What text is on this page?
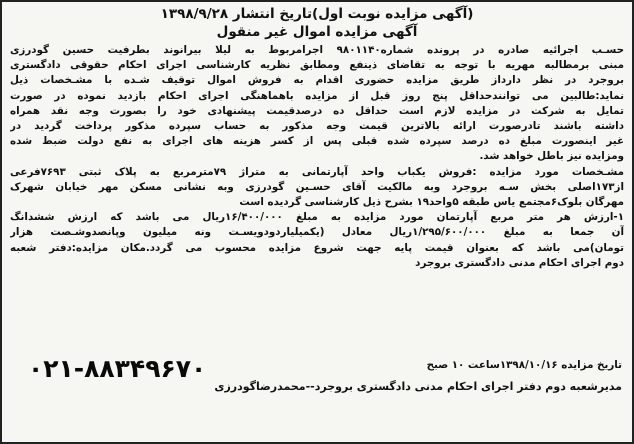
(آگهی مزایده نوبت اول)تاریخ انتشار ۱۳۹۸/۹/۲۸
آگهی مزایده اموال غیر منقول
حسـب اجرائیه صادره در پرونده شماره۹۸۰۱۱۴۰ اجرامربوط به لیلا بیرانوند بطرفیت حسین گودرزی
مبنی برمطالبه مهریه با توجه به تقاضای ذینفع ومطابق نظریه کارشناسی اجرای احکام حقوقی دادگستری
بروجرد در نظر دارداز طریق مزایده حضوری اقدام به فروش اموال توقیف شـده با مشـخصات ذیل
نماید:طالبین می توانندحداقل پنج روز قبل از مزایده باهماهنگی اجرای احکام بازدید نموده در صورت
تمایل به شرکت در مزایده لازم است حداقل ده درصدقیمت پیشنهادی خود را بصورت وجه نقد همراه
داشته باشند تادرصورت ارائه بالاترین قیمت وجه مذکور به حساب سپرده مذکور پرداخت گردید در
غیر اینصورت مبلغ ده درصد سپرده شده قبلی پس از کسر هزینه های اجرای به نفع دولت ضبط شده
ومزایده نیز باطل خواهد شد.
مشـخصات مورد مزایده :فروش یکباب واحد آپارتمانی به متراژ ۷۹مترمربع به پلاک ثبتی ۷۶۹۳فرعی
از۱۷۳اصلی بخش سـه بروجرد وبه مالکیت آقای حسـین گودرزی وبه نشانی مسکن مهر خیابان شهرک
مهرگان بلوک۶مجتمع یاس طبقه ۵واحد۱۹ بشرح ذیل کارشناسی گردیده است
۱-ارزش هر متر مربع آپارتمان مورد مزایده به مبلغ ۱۶/۴۰۰/۰۰۰ریال می باشد که ارزش ششدانگ
آن جمعا به مبلغ ۱/۲۹۵/۶۰۰/۰۰۰ریال معادل (یکمیلیاردودویسـت ونه میلیون وپانصدوشـصت هزار
تومان)می باشد که بعنوان قیمت پایه جهت شروع مزایده محسوب می گردد.مکان مزایده:دفتر شعبه
دوم اجرای احکام مدنی دادگستری بروجرد
۰۲۱-۸۸۳۴۹۶۷۰	تاریخ مزایده ۱۳۹۸/۱۰/۱۶ساعت ۱۰ صبح
مدیرشعبه دوم دفتر اجرای احکام مدنی دادگستری بروجرد--محمدرضاگودرزی
